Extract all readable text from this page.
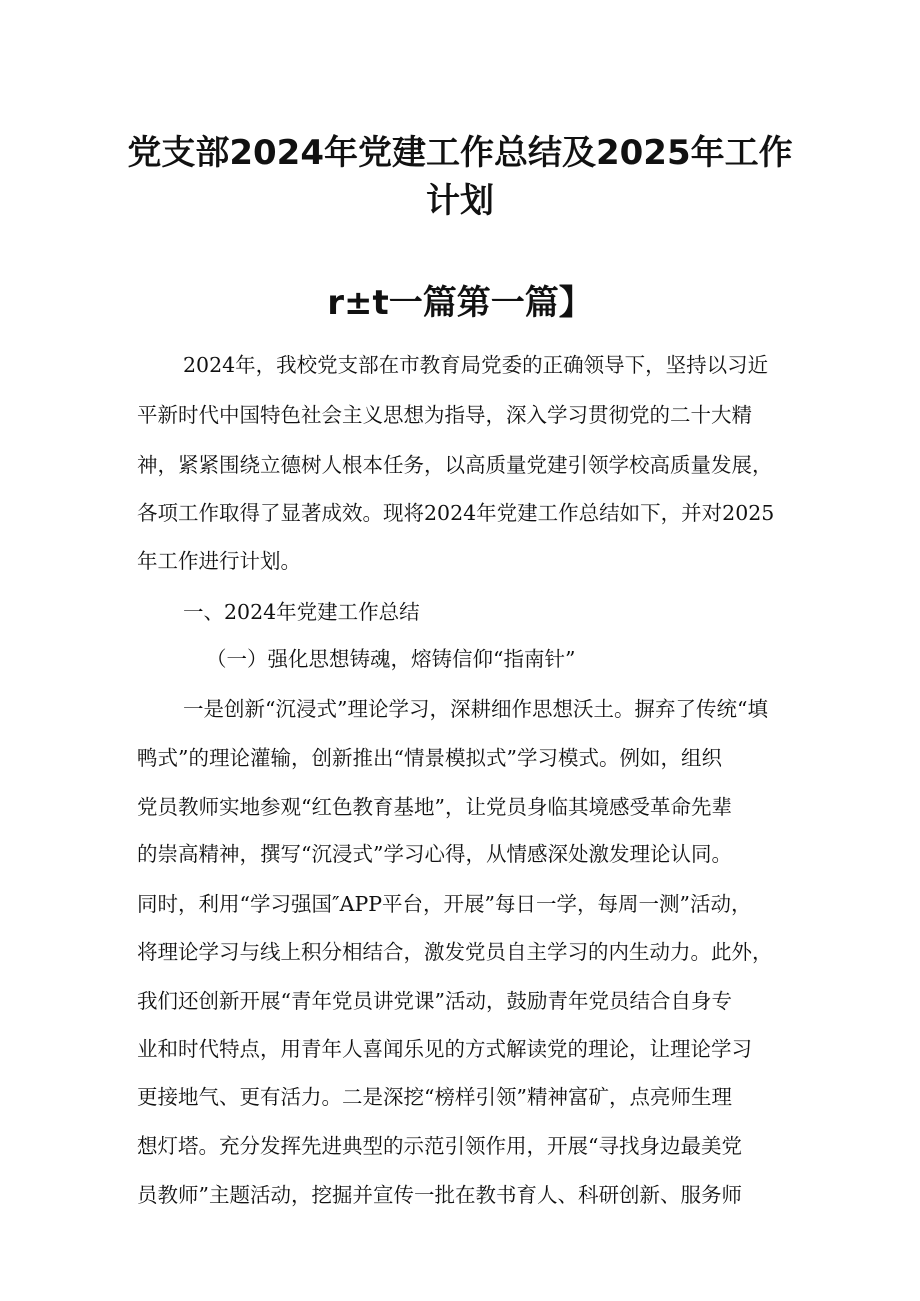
党支部2024年党建工作总结及2025年工作
计划
r±t一篇第一篇】
2024年，我校党支部在市教育局党委的正确领导下，坚持以习近
平新时代中国特色社会主义思想为指导，深入学习贯彻党的二十大精
神，紧紧围绕立德树人根本任务，以高质量党建引领学校高质量发展，
各项工作取得了显著成效。现将2024年党建工作总结如下，并对2025
年工作进行计划。
一、2024年党建工作总结
（一）强化思想铸魂，熔铸信仰“指南针”
一是创新“沉浸式”理论学习，深耕细作思想沃土。摒弃了传统“填
鸭式”的理论灌输，创新推出“情景模拟式”学习模式。例如，组织
党员教师实地参观“红色教育基地”，让党员身临其境感受革命先辈
的崇高精神，撰写“沉浸式”学习心得，从情感深处激发理论认同。
同时，利用“学习强国″APP平台，开展”每日一学，每周一测”活动，
将理论学习与线上积分相结合，激发党员自主学习的内生动力。此外，
我们还创新开展“青年党员讲党课”活动，鼓励青年党员结合自身专
业和时代特点，用青年人喜闻乐见的方式解读党的理论，让理论学习
更接地气、更有活力。二是深挖“榜样引领”精神富矿，点亮师生理
想灯塔。充分发挥先进典型的示范引领作用，开展“寻找身边最美党
员教师”主题活动，挖掘并宣传一批在教书育人、科研创新、服务师
